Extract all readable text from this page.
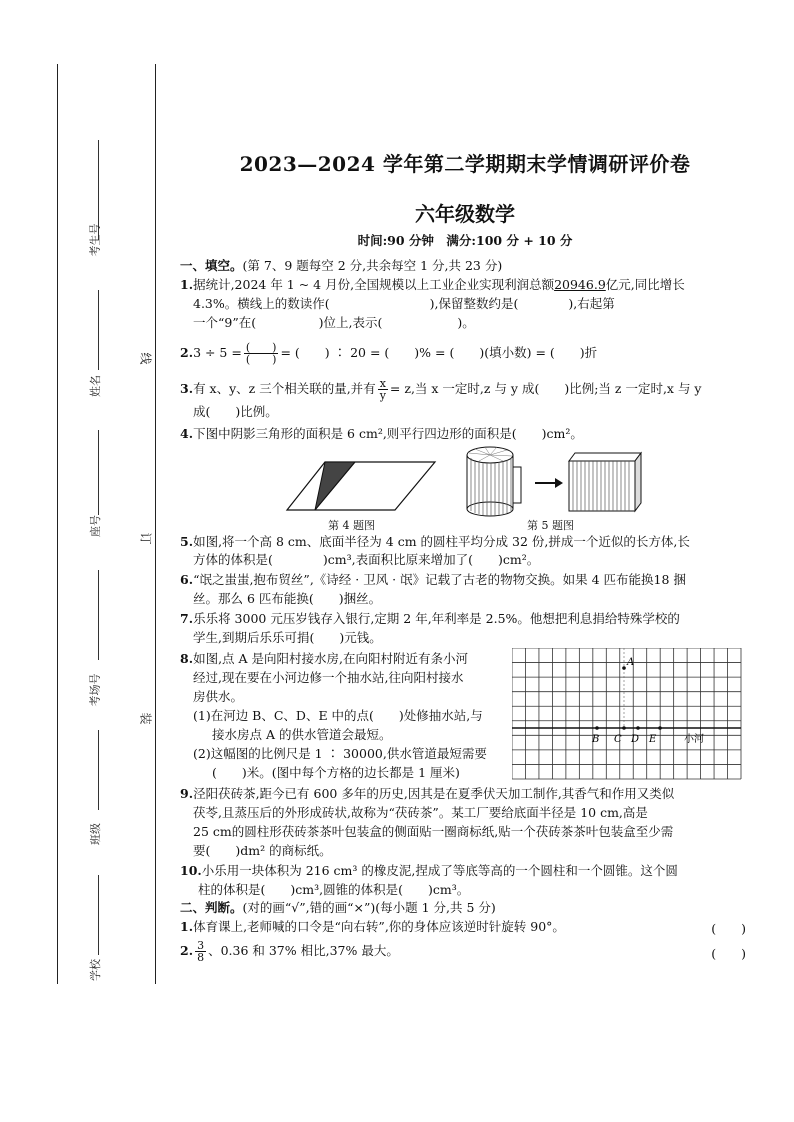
考生号
姓名
座号
考场号
班级
学校
线
订
装
2023—2024 学年第二学期期末学情调研评价卷
六年级数学
时间:90 分钟　满分:100 分 + 10 分
一、填空。(第 7、9 题每空 2 分,共余每空 1 分,共 23 分)
1.据统计,2024 年 1 ~ 4 月份,全国规模以上工业企业实现利润总额20946.9亿元,同比增长
4.3%。横线上的数读作(　　　　　　　　),保留整数约是(　　　　),右起第
一个“9”在(　　　　　)位上,表示(　　　　　　)。
$2.3 \div 5 = \frac{( )}{( )}$ = (　　) ∶ 20 = (　　)% = (　　)(填小数) = (　　)折
3.有 x、y、z 三个相关联的量,并有 $\frac{x}{y} = z$,当 x 一定时,z 与 y 成(　　)比例;当 z 一定时,x 与 y
成(　　)比例。
4.下图中阴影三角形的面积是 6 cm²,则平行四边形的面积是(　　)cm²。
第 4 题图	第 5 题图
5.如图,将一个高 8 cm、底面半径为 4 cm 的圆柱平均分成 32 份,拼成一个近似的长方体,长
方体的体积是(　　　　)cm³,表面积比原来增加了(　　)cm²。
6.“氓之蚩蚩,抱布贸丝”,《诗经 · 卫风 · 氓》记载了古老的物物交换。如果 4 匹布能换18 捆
丝。那么 6 匹布能换(　　)捆丝。
7.乐乐将 3000 元压岁钱存入银行,定期 2 年,年利率是 2.5%。他想把利息捐给特殊学校的
学生,到期后乐乐可捐(　　)元钱。
8.如图,点 A 是向阳村接水房,在向阳村附近有条小河
经过,现在要在小河边修一个抽水站,往向阳村接水
房供水。
(1)在河边 B、C、D、E 中的点(　　)处修抽水站,与
接水房点 A 的供水管道会最短。
(2)这幅图的比例尺是 1 ∶ 30000,供水管道最短需要
(　　)米。(图中每个方格的边长都是 1 厘米)
A
B C D E	小河
9.泾阳茯砖茶,距今已有 600 多年的历史,因其是在夏季伏天加工制作,其香气和作用又类似
茯苓,且蒸压后的外形成砖状,故称为“茯砖茶”。某工厂要给底面半径是 10 cm,高是
25 cm的圆柱形茯砖茶茶叶包装盒的侧面贴一圈商标纸,贴一个茯砖茶茶叶包装盒至少需
要(　　)dm² 的商标纸。
10.小乐用一块体积为 216 cm³ 的橡皮泥,捏成了等底等高的一个圆柱和一个圆锥。这个圆
柱的体积是(　　)cm³,圆锥的体积是(　　)cm³。
二、判断。(对的画“√”,错的画“×”)(每小题 1 分,共 5 分)
1.体育课上,老师喊的口令是“向右转”,你的身体应该逆时针旋转 90°。	(　　)
2. $\frac{3}{8}$ 、0.36 和 37% 相比,37% 最大。	(　　)
